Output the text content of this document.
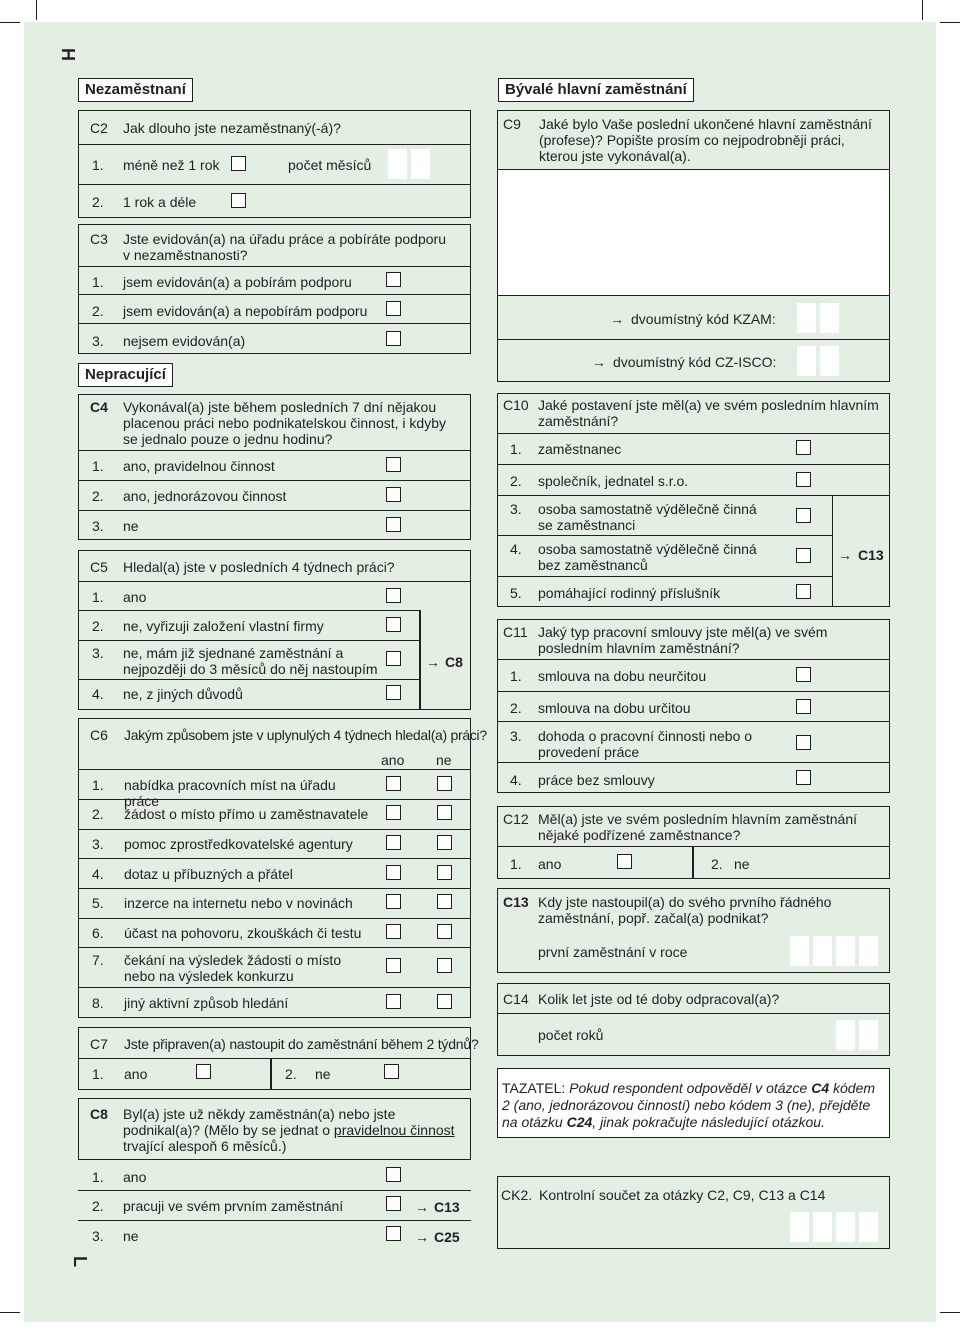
H
L
Nezaměstnaní
C2 Jak dlouho jste nezaměstnaný(-á)?
1. méně než 1 rok	počet měsíců
2. 1 rok a déle
C3 Jste evidován(a) na úřadu práce a pobíráte podporu v nezaměstnanosti?
1. jsem evidován(a) a pobírám podporu
2. jsem evidován(a) a nepobírám podporu
3. nejsem evidován(a)
Nepracující
C4 Vykonával(a) jste během posledních 7 dní nějakou placenou práci nebo podnikatelskou činnost, i kdyby se jednalo pouze o jednu hodinu?
1. ano, pravidelnou činnost
2. ano, jednorázovou činnost
3. ne
C5 Hledal(a) jste v posledních 4 týdnech práci?
1. ano
2. ne, vyřizuji založení vlastní firmy
3. ne, mám již sjednané zaměstnání a nejpozději do 3 měsíců do něj nastoupím
4. ne, z jiných důvodů
→ C8
C6 Jakým způsobem jste v uplynulých 4 týdnech hledal(a) práci?
ano ne
1. nabídka pracovních míst na úřadu práce
2. žádost o místo přímo u zaměstnavatele
3. pomoc zprostředkovatelské agentury
4. dotaz u příbuzných a přátel
5. inzerce na internetu nebo v novinách
6. účast na pohovoru, zkouškách či testu
7. čekání na výsledek žádosti o místo nebo na výsledek konkurzu
8. jiný aktivní způsob hledání
C7 Jste připraven(a) nastoupit do zaměstnání během 2 týdnů?
1. ano	2. ne
C8 Byl(a) jste už někdy zaměstnán(a) nebo jste podnikal(a)? (Mělo by se jednat o pravidelnou činnost trvající alespoň 6 měsíců.)
1. ano
2. pracuji ve svém prvním zaměstnání	→ C13
3. ne	→ C25
Bývalé hlavní zaměstnání
C9 Jaké bylo Vaše poslední ukončené hlavní zaměstnání (profese)? Popište prosím co nejpodrobněji práci, kterou jste vykonával(a).
→ dvoumístný kód KZAM:
→ dvoumístný kód CZ-ISCO:
C10 Jaké postavení jste měl(a) ve svém posledním hlavním zaměstnání?
1. zaměstnanec
2. společník, jednatel s.r.o.
3. osoba samostatně výdělečně činná se zaměstnanci
4. osoba samostatně výdělečně činná bez zaměstnanců
5. pomáhající rodinný příslušník
→ C13
C11 Jaký typ pracovní smlouvy jste měl(a) ve svém posledním hlavním zaměstnání?
1. smlouva na dobu neurčitou
2. smlouva na dobu určitou
3. dohoda o pracovní činnosti nebo o provedení práce
4. práce bez smlouvy
C12 Měl(a) jste ve svém posledním hlavním zaměstnání nějaké podřízené zaměstnance?
1. ano	2. ne
C13 Kdy jste nastoupil(a) do svého prvního řádného zaměstnání, popř. začal(a) podnikat?
první zaměstnání v roce
C14 Kolik let jste od té doby odpracoval(a)?
počet roků
TAZATEL: Pokud respondent odpověděl v otázce C4 kódem 2 (ano, jednorázovou činností) nebo kódem 3 (ne), přejděte na otázku C24, jinak pokračujte následující otázkou.
CK2. Kontrolní součet za otázky C2, C9, C13 a C14
